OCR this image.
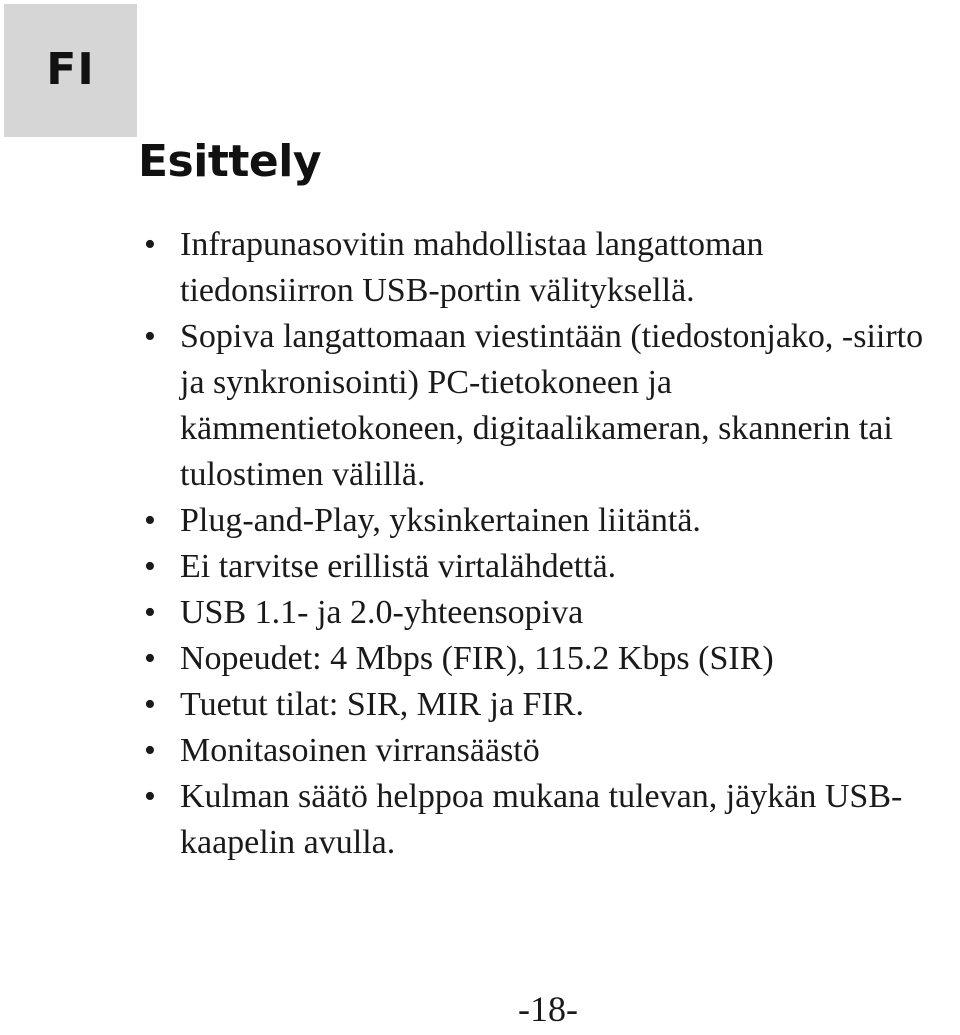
FI
Esittely
• Infrapunasovitin mahdollistaa langattoman tiedonsiirron USB-portin välityksellä.
• Sopiva langattomaan viestintään (tiedostonjako, -siirto ja synkronisointi) PC-tietokoneen ja kämmentietokoneen, digitaalikameran, skannerin tai tulostimen välillä.
• Plug-and-Play, yksinkertainen liitäntä.
• Ei tarvitse erillistä virtalähdettä.
• USB 1.1- ja 2.0-yhteensopiva
• Nopeudet: 4 Mbps (FIR), 115.2 Kbps (SIR)
• Tuetut tilat: SIR, MIR ja FIR.
• Monitasoinen virransäästö
• Kulman säätö helppoa mukana tulevan, jäykän USB-kaapelin avulla.
-18-
